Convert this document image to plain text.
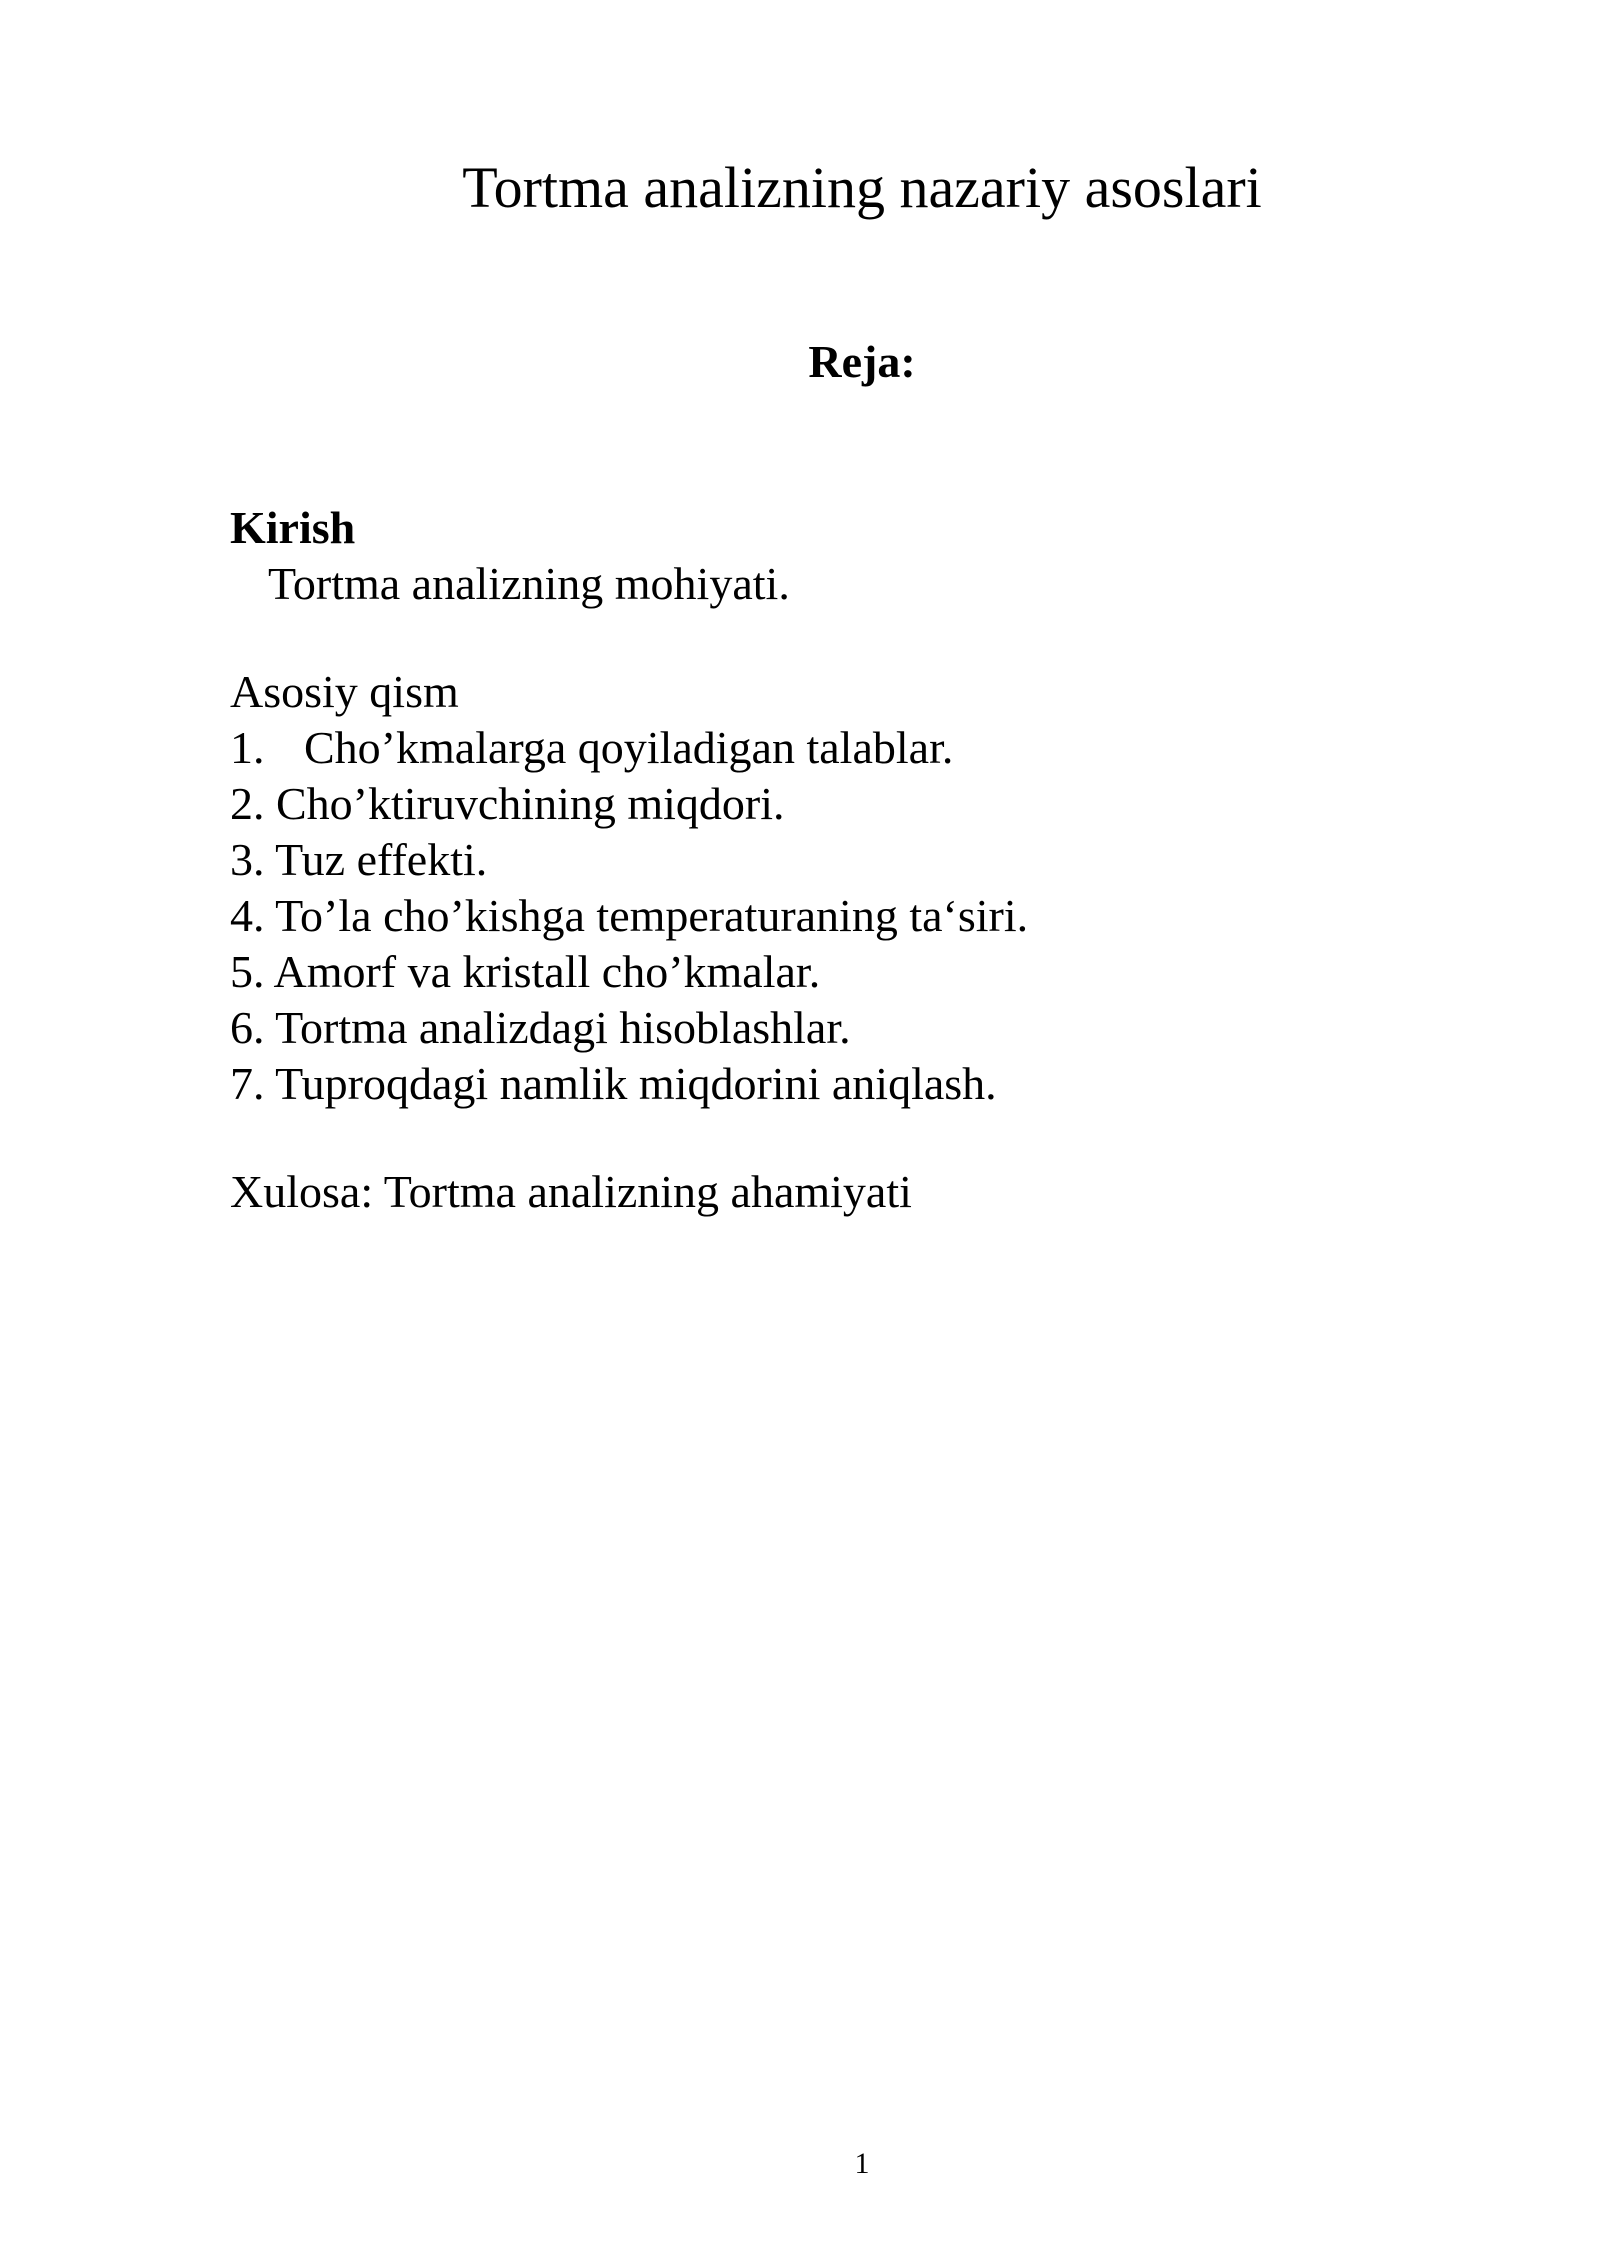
Tortma analizning nazariy asoslari
Reja:
Kirish
Tortma analizning mohiyati.
Asosiy qism
1. Cho’kmalarga qoyiladigan talablar.
2. Cho’ktiruvchining miqdori.
3. Tuz effekti.
4. To’la cho’kishga temperaturaning ta‘siri.
5. Amorf va kristall cho’kmalar.
6. Tortma analizdagi hisoblashlar.
7. Tuproqdagi namlik miqdorini aniqlash.
Xulosa: Tortma analizning ahamiyati
1
